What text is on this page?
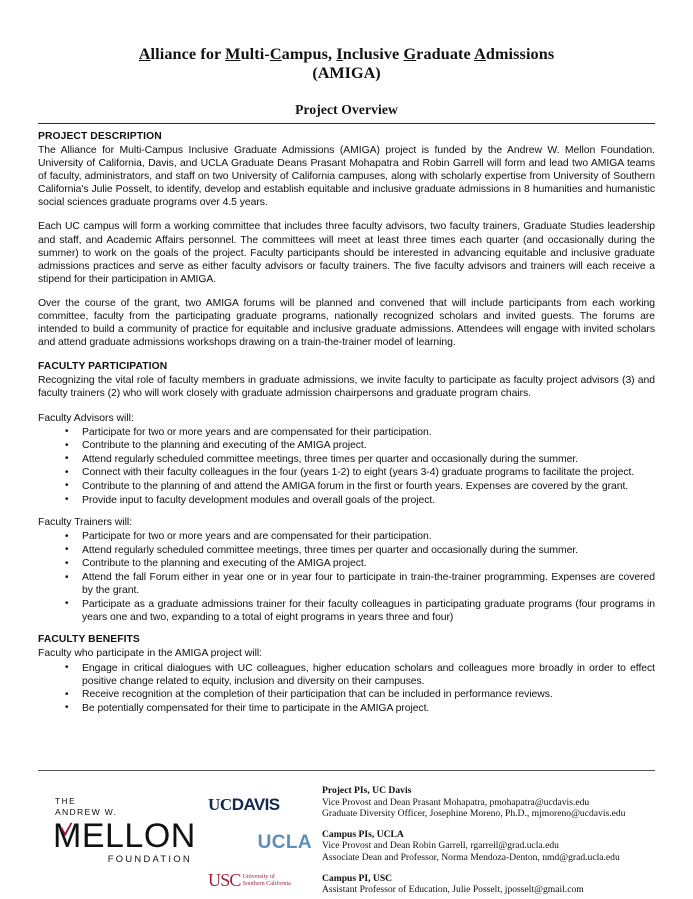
Alliance for Multi-Campus, Inclusive Graduate Admissions
(AMIGA)
Project Overview
PROJECT DESCRIPTION

The Alliance for Multi-Campus Inclusive Graduate Admissions (AMIGA) project is funded by the Andrew W. Mellon Foundation. University of California, Davis, and UCLA Graduate Deans Prasant Mohapatra and Robin Garrell will form and lead two AMIGA teams of faculty, administrators, and staff on two University of California campuses, along with scholarly expertise from University of Southern California's Julie Posselt, to identify, develop and establish equitable and inclusive graduate admissions in 8 humanities and humanistic social sciences graduate programs over 4.5 years.

Each UC campus will form a working committee that includes three faculty advisors, two faculty trainers, Graduate Studies leadership and staff, and Academic Affairs personnel. The committees will meet at least three times each quarter (and occasionally during the summer) to work on the goals of the project. Faculty participants should be interested in advancing equitable and inclusive graduate admissions practices and serve as either faculty advisors or faculty trainers. The five faculty advisors and trainers will each receive a stipend for their participation in AMIGA.

Over the course of the grant, two AMIGA forums will be planned and convened that will include participants from each working committee, faculty from the participating graduate programs, nationally recognized scholars and invited guests. The forums are intended to build a community of practice for equitable and inclusive graduate admissions. Attendees will engage with invited scholars and attend graduate admissions workshops drawing on a train-the-trainer model of learning.

FACULTY PARTICIPATION

Recognizing the vital role of faculty members in graduate admissions, we invite faculty to participate as faculty project advisors (3) and faculty trainers (2) who will work closely with graduate admission chairpersons and graduate program chairs.

Faculty Advisors will:

• Participate for two or more years and are compensated for their participation.
• Contribute to the planning and executing of the AMIGA project.
• Attend regularly scheduled committee meetings, three times per quarter and occasionally during the summer.
• Connect with their faculty colleagues in the four (years 1-2) to eight (years 3-4) graduate programs to facilitate the project.
• Contribute to the planning of and attend the AMIGA forum in the first or fourth years. Expenses are covered by the grant.
• Provide input to faculty development modules and overall goals of the project.

Faculty Trainers will:

• Participate for two or more years and are compensated for their participation.
• Attend regularly scheduled committee meetings, three times per quarter and occasionally during the summer.
• Contribute to the planning and executing of the AMIGA project.
• Attend the fall Forum either in year one or in year four to participate in train-the-trainer programming. Expenses are covered by the grant.
• Participate as a graduate admissions trainer for their faculty colleagues in participating graduate programs (four programs in years one and two, expanding to a total of eight programs in years three and four)
FACULTY BENEFITS

Faculty who participate in the AMIGA project will:

• Engage in critical dialogues with UC colleagues, higher education scholars and colleagues more broadly in order to effect positive change related to equity, inclusion and diversity on their campuses.
• Receive recognition at the completion of their participation that can be included in performance reviews.
• Be potentially compensated for their time to participate in the AMIGA project.
THE
ANDREW W.
MELLON
FOUNDATION
UCDAVIS
UCLA
USC University of
Southern California
Project PIs, UC Davis
Vice Provost and Dean Prasant Mohapatra, pmohapatra@ucdavis.edu
Graduate Diversity Officer, Josephine Moreno, Ph.D., mjmoreno@ucdavis.edu
Campus PIs, UCLA
Vice Provost and Dean Robin Garrell, rgarrell@grad.ucla.edu
Associate Dean and Professor, Norma Mendoza-Denton, nmd@grad.ucla.edu
Campus PI, USC
Assistant Professor of Education, Julie Posselt, jposselt@gmail.com
